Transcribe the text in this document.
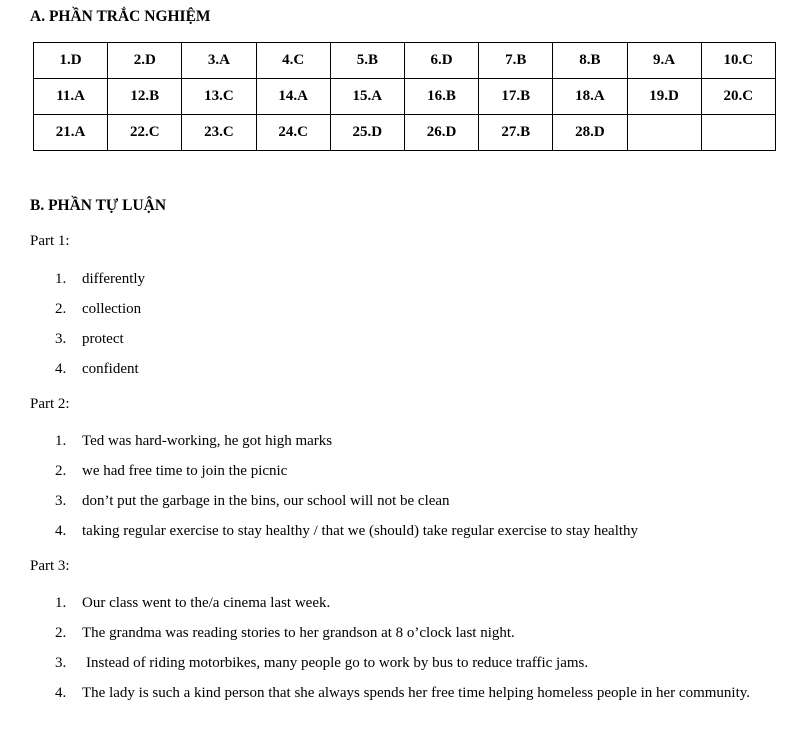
A. PHẦN TRẮC NGHIỆM
1.D	2.D	3.A	4.C	5.B	6.D	7.B	8.B	9.A	10.C
11.A	12.B	13.C	14.A	15.A	16.B	17.B	18.A	19.D	20.C
21.A	22.C	23.C	24.C	25.D	26.D	27.B	28.D		
B. PHẦN TỰ LUẬN

Part 1:

1. differently
2. collection
3. protect
4. confident

Part 2:

1. Ted was hard-working, he got high marks
2. we had free time to join the picnic
3. don’t put the garbage in the bins, our school will not be clean
4. taking regular exercise to stay healthy / that we (should) take regular exercise to stay healthy

Part 3:

1. Our class went to the/a cinema last week.
2. The grandma was reading stories to her grandson at 8 o’clock last night.
3. Instead of riding motorbikes, many people go to work by bus to reduce traffic jams.
4. The lady is such a kind person that she always spends her free time helping homeless people in her community.
